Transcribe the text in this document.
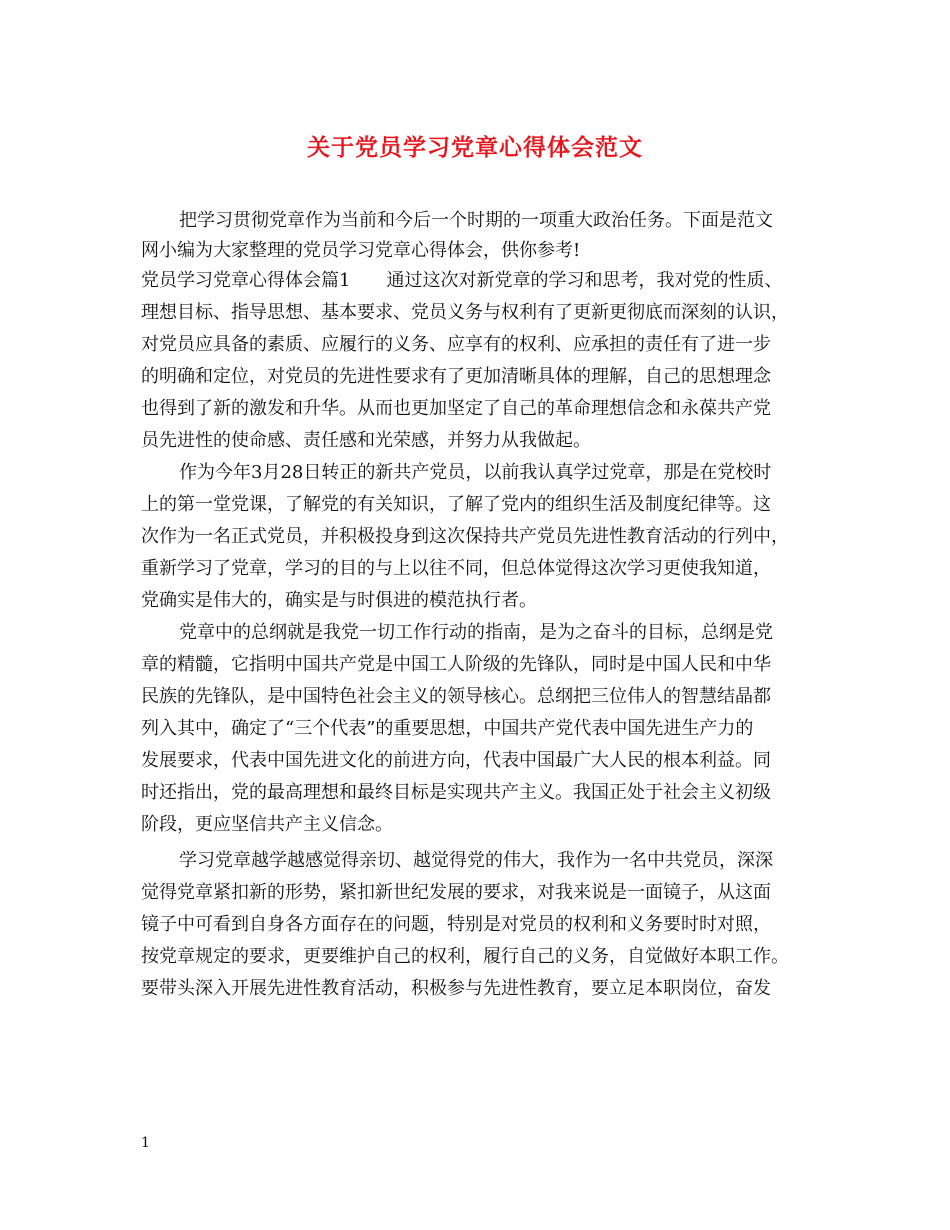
关于党员学习党章心得体会范文

把学习贯彻党章作为当前和今后一个时期的一项重大政治任务。下面是范文

网小编为大家整理的党员学习党章心得体会，供你参考!

党员学习党章心得体会篇1　　通过这次对新党章的学习和思考，我对党的性质、

理想目标、指导思想、基本要求、党员义务与权利有了更新更彻底而深刻的认识，

对党员应具备的素质、应履行的义务、应享有的权利、应承担的责任有了进一步

的明确和定位，对党员的先进性要求有了更加清晰具体的理解，自己的思想理念

也得到了新的激发和升华。从而也更加坚定了自己的革命理想信念和永葆共产党

员先进性的使命感、责任感和光荣感，并努力从我做起。

作为今年3月28日转正的新共产党员，以前我认真学过党章，那是在党校时

上的第一堂党课，了解党的有关知识，了解了党内的组织生活及制度纪律等。这

次作为一名正式党员，并积极投身到这次保持共产党员先进性教育活动的行列中，

重新学习了党章，学习的目的与上以往不同，但总体觉得这次学习更使我知道，

党确实是伟大的，确实是与时俱进的模范执行者。

党章中的总纲就是我党一切工作行动的指南，是为之奋斗的目标，总纲是党

章的精髓，它指明中国共产党是中国工人阶级的先锋队，同时是中国人民和中华

民族的先锋队，是中国特色社会主义的领导核心。总纲把三位伟人的智慧结晶都

列入其中，确定了“三个代表”的重要思想，中国共产党代表中国先进生产力的

发展要求，代表中国先进文化的前进方向，代表中国最广大人民的根本利益。同

时还指出，党的最高理想和最终目标是实现共产主义。我国正处于社会主义初级

阶段，更应坚信共产主义信念。

学习党章越学越感觉得亲切、越觉得党的伟大，我作为一名中共党员，深深

觉得党章紧扣新的形势，紧扣新世纪发展的要求，对我来说是一面镜子，从这面

镜子中可看到自身各方面存在的问题，特别是对党员的权利和义务要时时对照，

按党章规定的要求，更要维护自己的权利，履行自己的义务，自觉做好本职工作。

要带头深入开展先进性教育活动，积极参与先进性教育，要立足本职岗位，奋发

1
